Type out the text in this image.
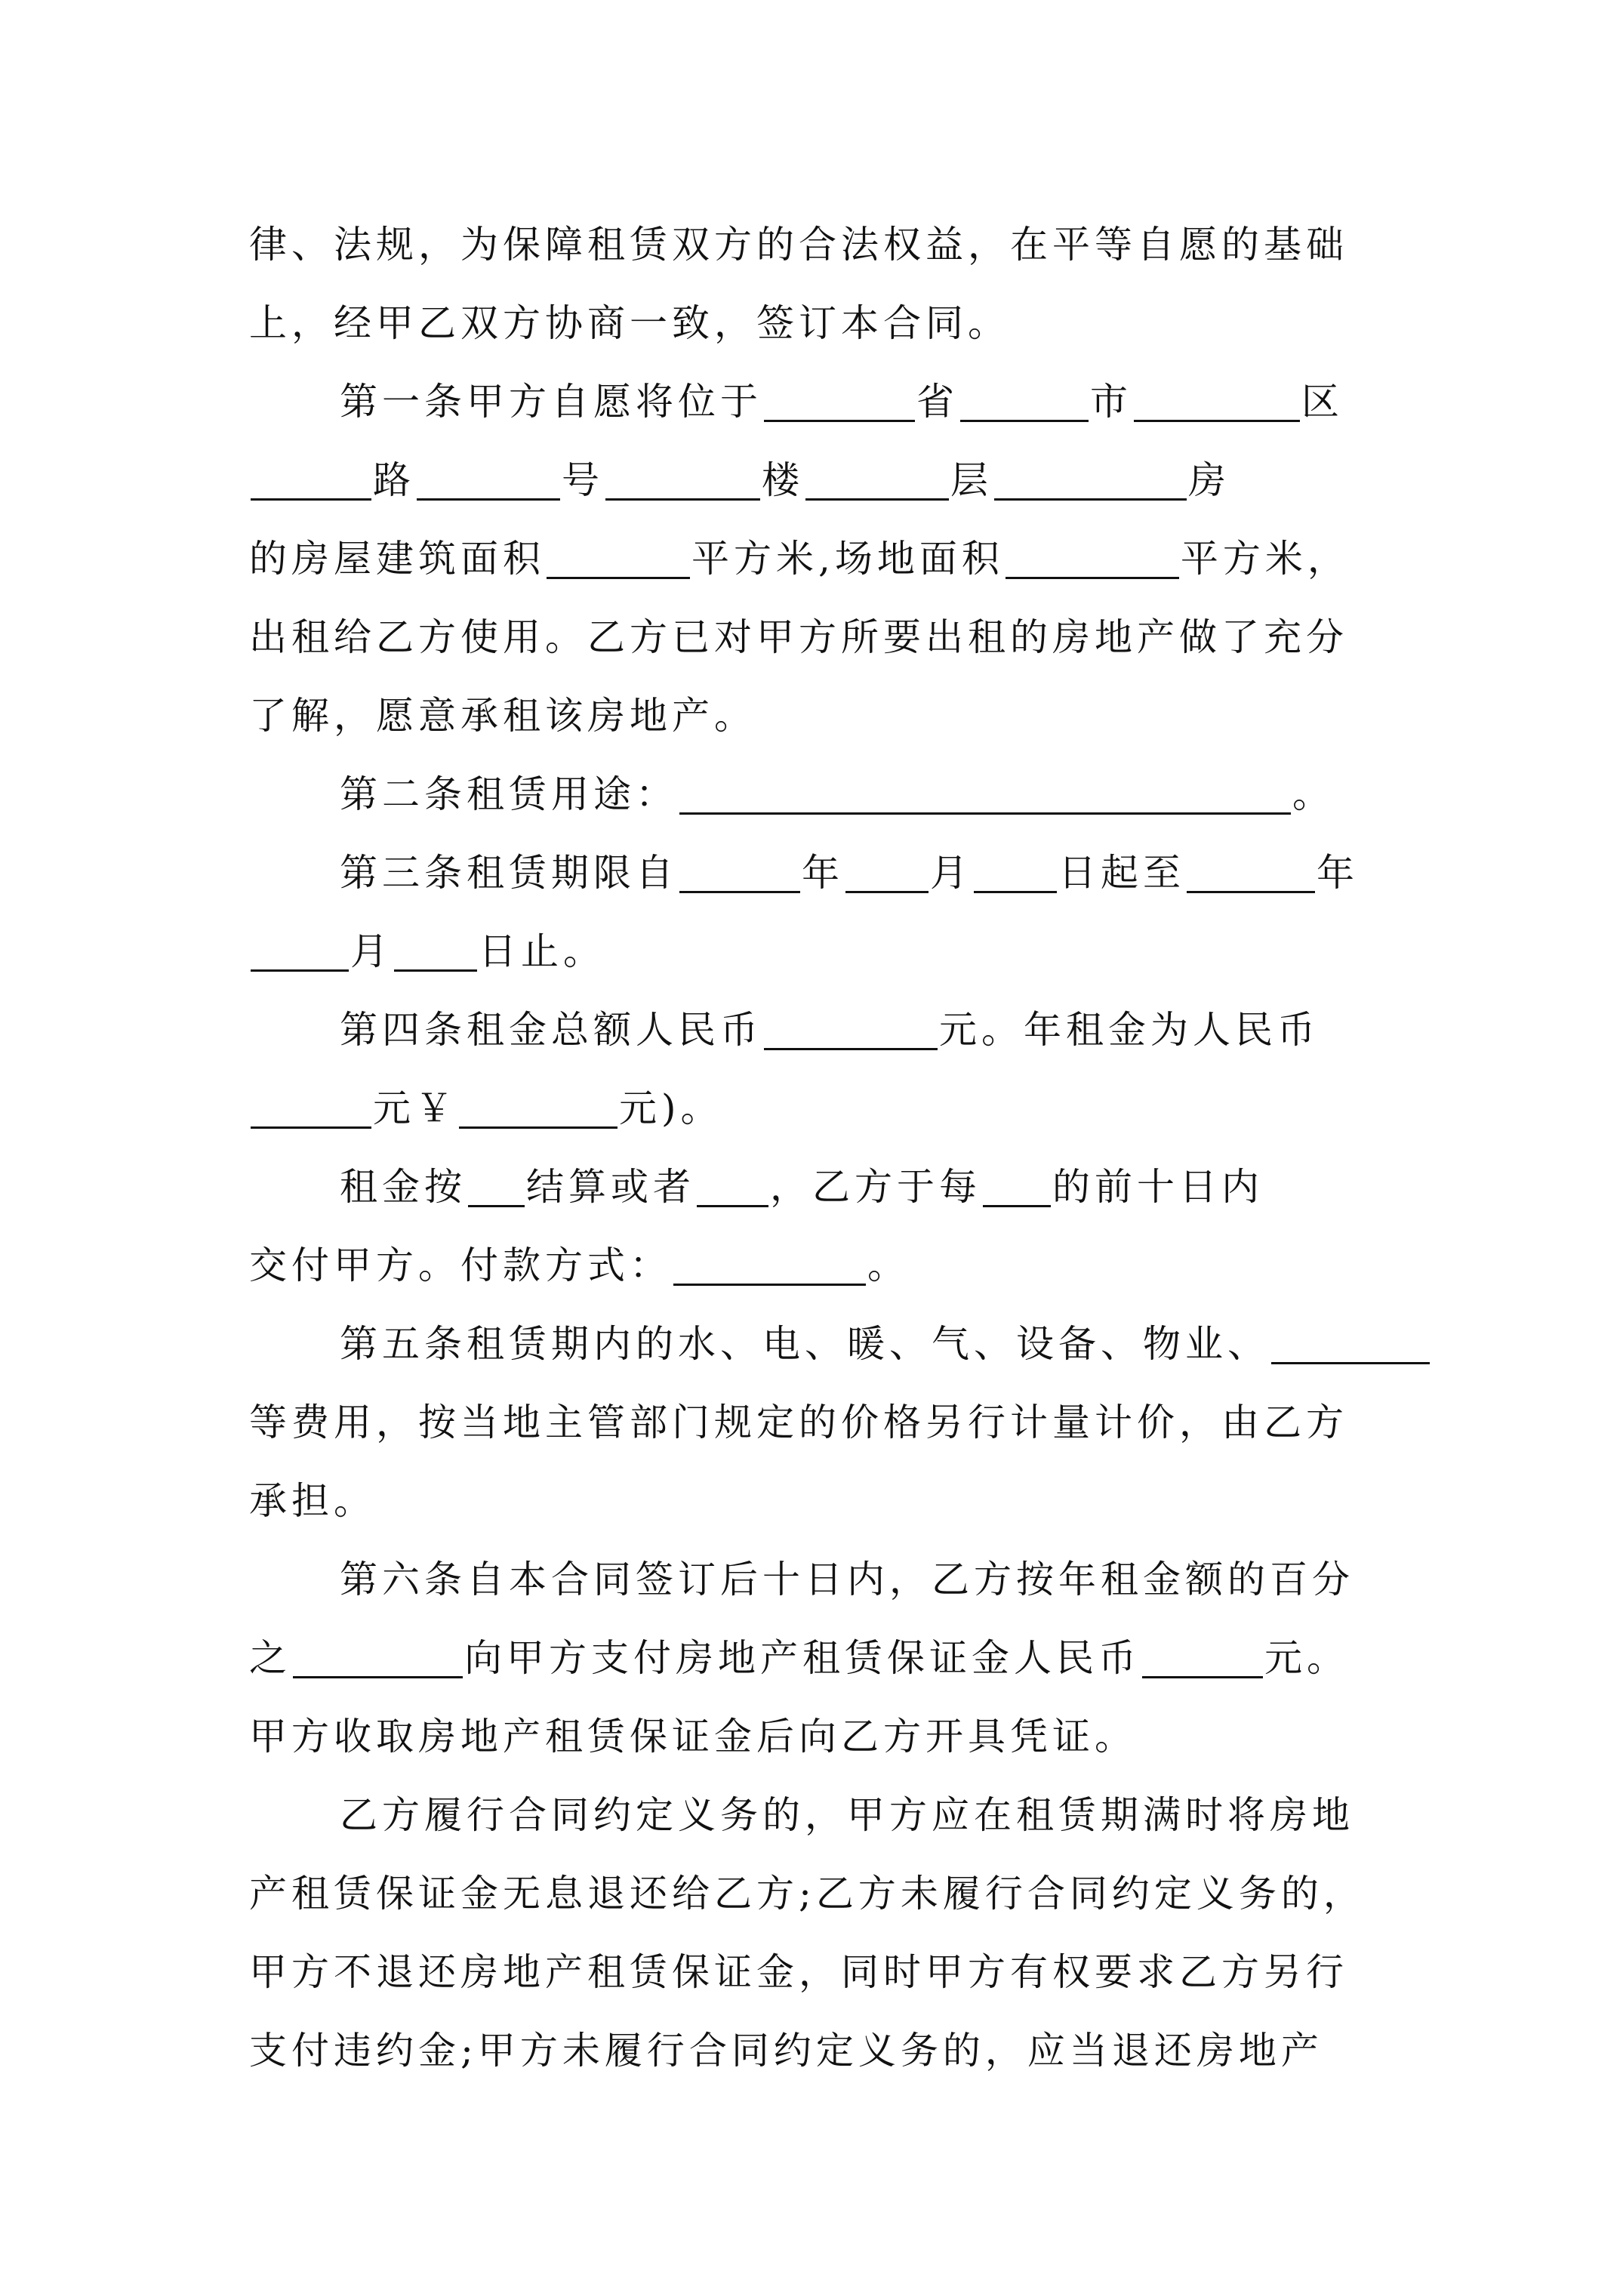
律、法规，为保障租赁双方的合法权益，在平等自愿的基础
上，经甲乙双方协商一致，签订本合同。
第一条甲方自愿将位于	省	市	区
路	号	楼	层	房
的房屋建筑面积	平方米,场地面积	平方米，
出租给乙方使用。乙方已对甲方所要出租的房地产做了充分
了解，愿意承租该房地产。
第二条租赁用途：	。
第三条租赁期限自	年 月 日起至	年
月 日止。
第四条租金总额人民币	元。年租金为人民币
元￥	元)。
租金按 结算或者 ，乙方于每 的前十日内
交付甲方。付款方式：	。
第五条租赁期内的水、电、暖、气、设备、物业、
等费用，按当地主管部门规定的价格另行计量计价，由乙方
承担。
第六条自本合同签订后十日内，乙方按年租金额的百分
之	向甲方支付房地产租赁保证金人民币	元。
甲方收取房地产租赁保证金后向乙方开具凭证。
乙方履行合同约定义务的，甲方应在租赁期满时将房地
产租赁保证金无息退还给乙方;乙方未履行合同约定义务的，
甲方不退还房地产租赁保证金，同时甲方有权要求乙方另行
支付违约金;甲方未履行合同约定义务的，应当退还房地产
